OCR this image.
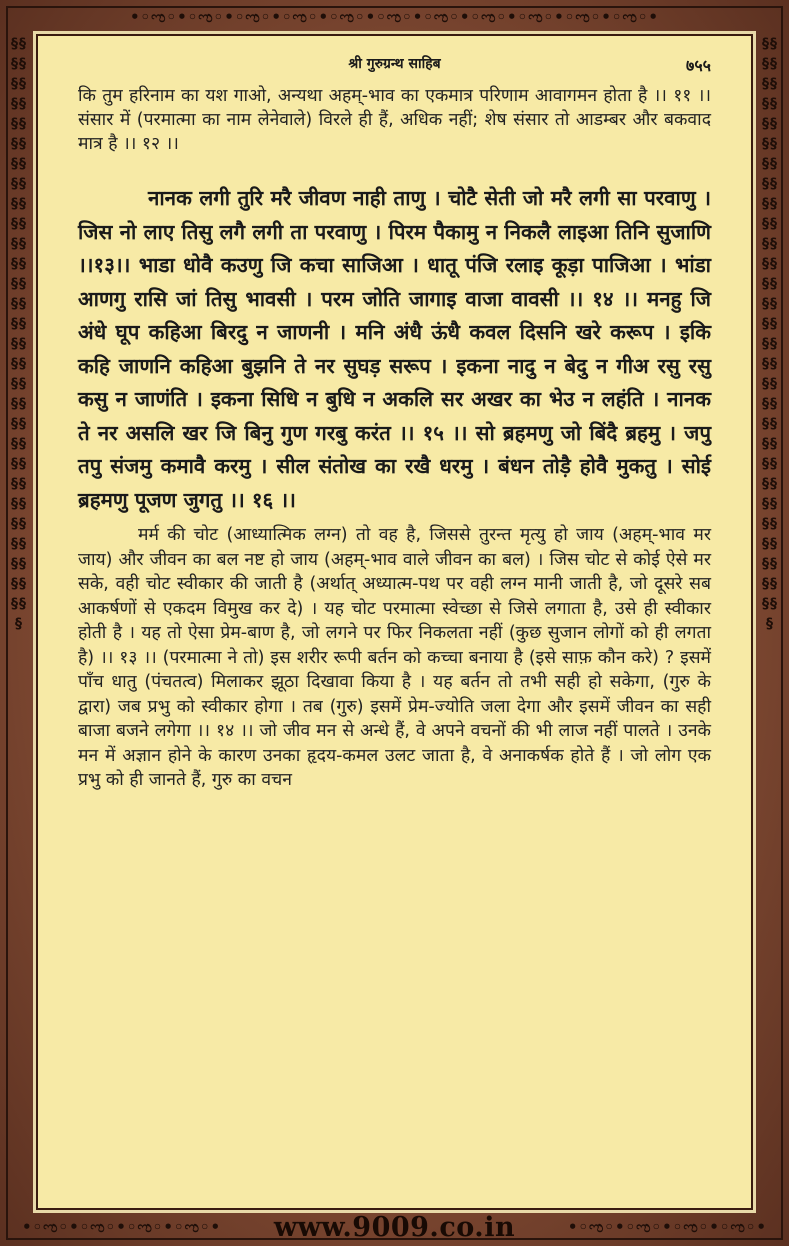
•◦ಌ◦•◦ಌ◦•◦ಌ◦•◦ಌ◦•◦ಌ◦•◦ಌ◦•◦ಌ◦•◦ಌ◦•◦ಌ◦•◦ಌ◦•◦ಌ◦•
§§§§§§§§§§§§§§§§§§§§§§§§§§§§§§§§§§§§§§§§§§§§§§§§§§§§§§§§§§§
§§§§§§§§§§§§§§§§§§§§§§§§§§§§§§§§§§§§§§§§§§§§§§§§§§§§§§§§§§§
•◦ಌ◦•◦ಌ◦•◦ಌ◦•◦ಌ◦•	•◦ಌ◦•◦ಌ◦•◦ಌ◦•◦ಌ◦•
श्री गुरुग्रन्थ साहिब	७५५

कि तुम हरिनाम का यश गाओ, अन्यथा अहम्-भाव का एकमात्र परिणाम आवागमन होता है ।। ११ ।। संसार में (परमात्मा का नाम लेनेवाले) विरले ही हैं, अधिक नहीं; शेष संसार तो आडम्बर और बकवाद मात्र है ।। १२ ।।

नानक लगी तुरि मरै जीवण नाही ताणु । चोटै सेती जो मरै लगी सा परवाणु । जिस नो लाए तिसु लगै लगी ता परवाणु । पिरम पैकामु न निकलै लाइआ तिनि सुजाणि ।।१३।। भाडा धोवै कउणु जि कचा साजिआ । धातू पंजि रलाइ कूड़ा पाजिआ । भांडा आणगु रासि जां तिसु भावसी । परम जोति जागाइ वाजा वावसी ।। १४ ।। मनहु जि अंधे घूप कहिआ बिरदु न जाणनी । मनि अंधै ऊंधै कवल दिसनि खरे करूप । इकि कहि जाणनि कहिआ बुझनि ते नर सुघड़ सरूप । इकना नादु न बेदु न गीअ रसु रसु कसु न जाणंति । इकना सिधि न बुधि न अकलि सर अखर का भेउ न लहंति । नानक ते नर असलि खर जि बिनु गुण गरबु करंत ।। १५ ।। सो ब्रहमणु जो बिंदै ब्रहमु । जपु तपु संजमु कमावै करमु । सील संतोख का रखै धरमु । बंधन तोड़ै होवै मुकतु । सोई ब्रहमणु पूजण जुगतु ।। १६ ।।

मर्म की चोट (आध्यात्मिक लग्न) तो वह है, जिससे तुरन्त मृत्यु हो जाय (अहम्-भाव मर जाय) और जीवन का बल नष्ट हो जाय (अहम्-भाव वाले जीवन का बल) । जिस चोट से कोई ऐसे मर सके, वही चोट स्वीकार की जाती है (अर्थात् अध्यात्म-पथ पर वही लग्न मानी जाती है, जो दूसरे सब आकर्षणों से एकदम विमुख कर दे) । यह चोट परमात्मा स्वेच्छा से जिसे लगाता है, उसे ही स्वीकार होती है । यह तो ऐसा प्रेम-बाण है, जो लगने पर फिर निकलता नहीं (कुछ सुजान लोगों को ही लगता है) ।। १३ ।। (परमात्मा ने तो) इस शरीर रूपी बर्तन को कच्चा बनाया है (इसे साफ़ कौन करे) ? इसमें पाँच धातु (पंचतत्व) मिलाकर झूठा दिखावा किया है । यह बर्तन तो तभी सही हो सकेगा, (गुरु के द्वारा) जब प्रभु को स्वीकार होगा । तब (गुरु) इसमें प्रेम-ज्योति जला देगा और इसमें जीवन का सही बाजा बजने लगेगा ।। १४ ।। जो जीव मन से अन्धे हैं, वे अपने वचनों की भी लाज नहीं पालते । उनके मन में अज्ञान होने के कारण उनका हृदय-कमल उलट जाता है, वे अनाकर्षक होते हैं । जो लोग एक प्रभु को ही जानते हैं, गुरु का वचन

www.9009.co.in
